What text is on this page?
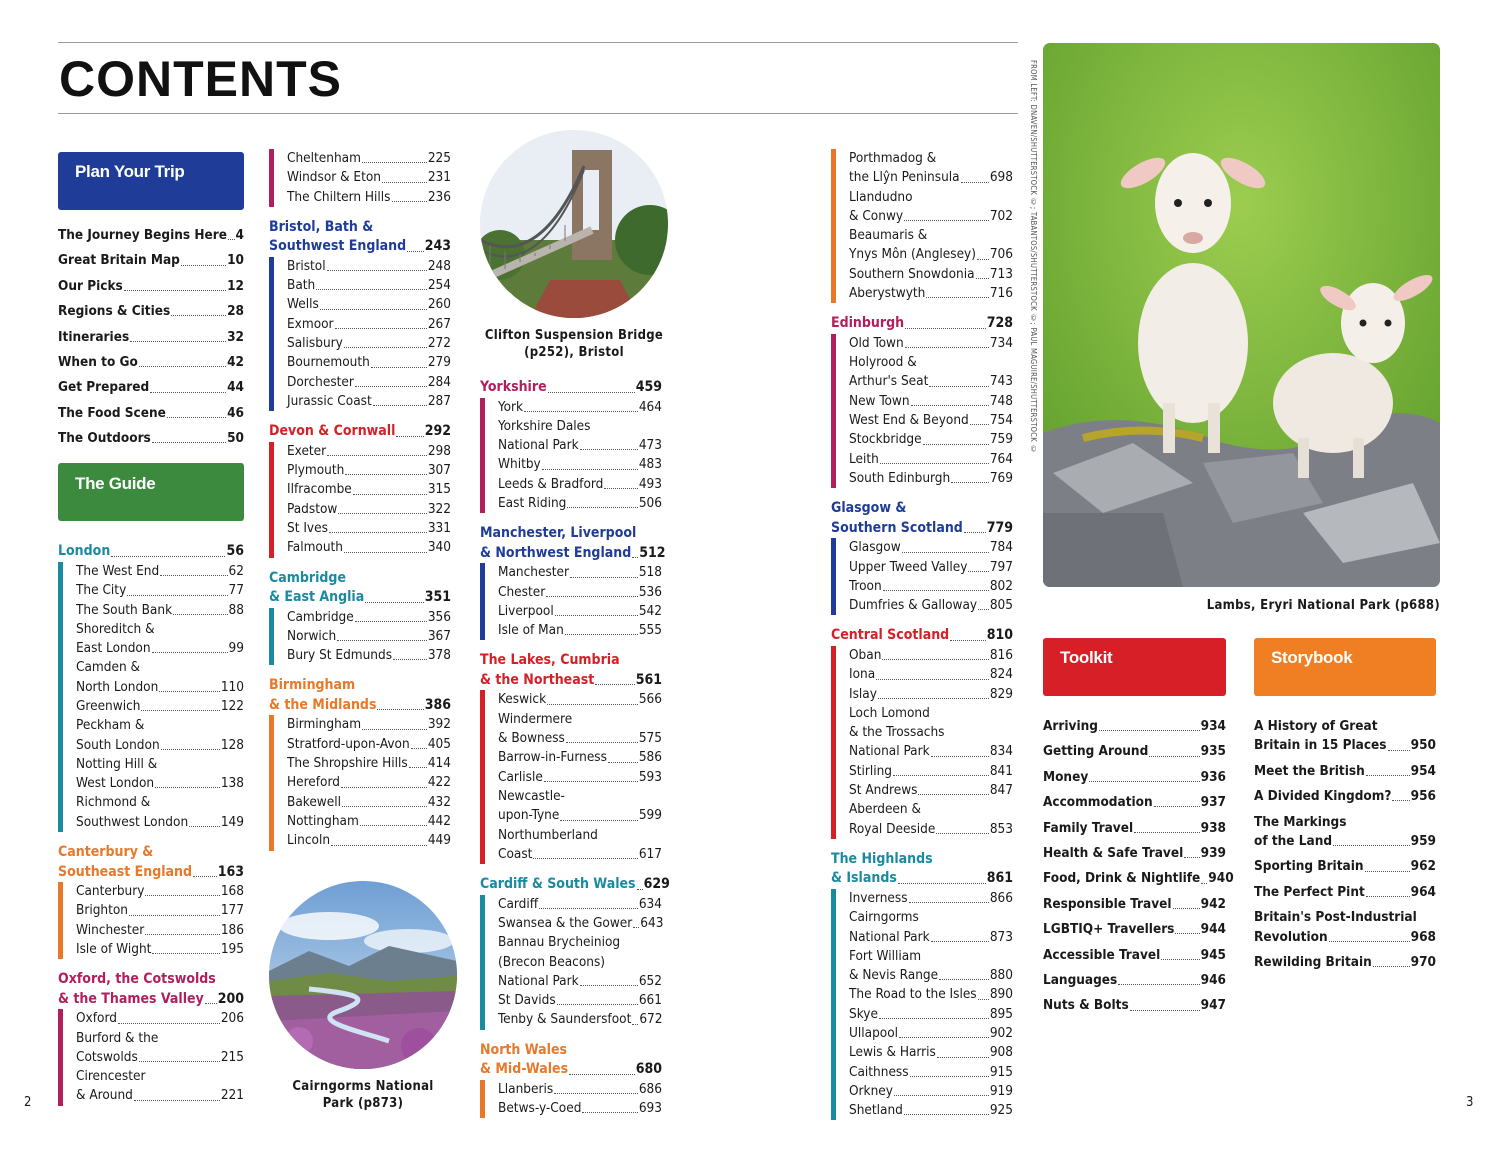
CONTENTS
Plan Your Trip
The Journey Begins Here 4
Great Britain Map	10
Our Picks	12
Regions & Cities	28
Itineraries	32
When to Go	42
Get Prepared	44
The Food Scene	46
The Outdoors	50
The Guide
London	56
The West End	62
The City	77
The South Bank	88
Shoreditch &
East London	99
Camden &
North London	110
Greenwich	122
Peckham &
South London	128
Notting Hill &
West London	138
Richmond &
Southwest London 149
Canterbury &
Southeast England 163
Canterbury	168
Brighton	177
Winchester	186
Isle of Wight	195
Oxford, the Cotswolds
& the Thames Valley 200
Oxford	206
Burford & the
Cotswolds	215
Cirencester
& Around	221
Cheltenham	225
Windsor & Eton	231
The Chiltern Hills	236
Bristol, Bath &
Southwest England 243
Bristol	248
Bath	254
Wells	260
Exmoor	267
Salisbury	272
Bournemouth	279
Dorchester	284
Jurassic Coast	287
Devon & Cornwall 292
Exeter	298
Plymouth	307
Ilfracombe	315
Padstow	322
St Ives	331
Falmouth	340
Cambridge
& East Anglia	351
Cambridge	356
Norwich	367
Bury St Edmunds	378
Birmingham
& the Midlands	386
Birmingham	392
Stratford-upon-Avon 405
The Shropshire Hills 414
Hereford	422
Bakewell	432
Nottingham	442
Lincoln	449
Cairngorms National
Park (p873)
Clifton Suspension Bridge
(p252), Bristol
Yorkshire	459
York	464
Yorkshire Dales
National Park	473
Whitby	483
Leeds & Bradford	493
East Riding	506
Manchester, Liverpool
& Northwest England 512
Manchester	518
Chester	536
Liverpool	542
Isle of Man	555
The Lakes, Cumbria
& the Northeast	561
Keswick	566
Windermere
& Bowness	575
Barrow-in-Furness 586
Carlisle	593
Newcastle-
upon-Tyne	599
Northumberland
Coast	617
Cardiff & South Wales 629
Cardiff	634
Swansea & the Gower 643
Bannau Brycheiniog
(Brecon Beacons)
National Park	652
St Davids	661
Tenby & Saundersfoot 672
North Wales
& Mid-Wales	680
Llanberis	686
Betws-y-Coed	693
Porthmadog &
the Llŷn Peninsula 698
Llandudno
& Conwy	702
Beaumaris &
Ynys Môn (Anglesey) 706
Southern Snowdonia 713
Aberystwyth	716
Edinburgh	728
Old Town	734
Holyrood &
Arthur's Seat	743
New Town	748
West End & Beyond 754
Stockbridge	759
Leith	764
South Edinburgh	769
Glasgow &
Southern Scotland 779
Glasgow	784
Upper Tweed Valley 797
Troon	802
Dumfries & Galloway 805
Central Scotland	810
Oban	816
Iona	824
Islay	829
Loch Lomond
& the Trossachs
National Park	834
Stirling	841
St Andrews	847
Aberdeen &
Royal Deeside	853
The Highlands
& Islands	861
Inverness	866
Cairngorms
National Park	873
Fort William
& Nevis Range	880
The Road to the Isles 890
Skye	895
Ullapool	902
Lewis & Harris	908
Caithness	915
Orkney	919
Shetland	925
FROM LEFT: DNAVEN/SHUTTERSTOCK ©; TABANTOS/SHUTTERSTOCK ©; PAUL MAGUIRE/SHUTTERSTOCK ©
Lambs, Eryri National Park (p688)
Toolkit
Arriving	934
Getting Around	935
Money	936
Accommodation	937
Family Travel	938
Health & Safe Travel 939
Food, Drink & Nightlife 940
Responsible Travel 942
LGBTIQ+ Travellers 944
Accessible Travel	945
Languages	946
Nuts & Bolts	947
Storybook
A History of Great
Britain in 15 Places 950
Meet the British	954
A Divided Kingdom? 956
The Markings
of the Land	959
Sporting Britain	962
The Perfect Pint	964
Britain's Post-Industrial
Revolution	968
Rewilding Britain	970
2	3
